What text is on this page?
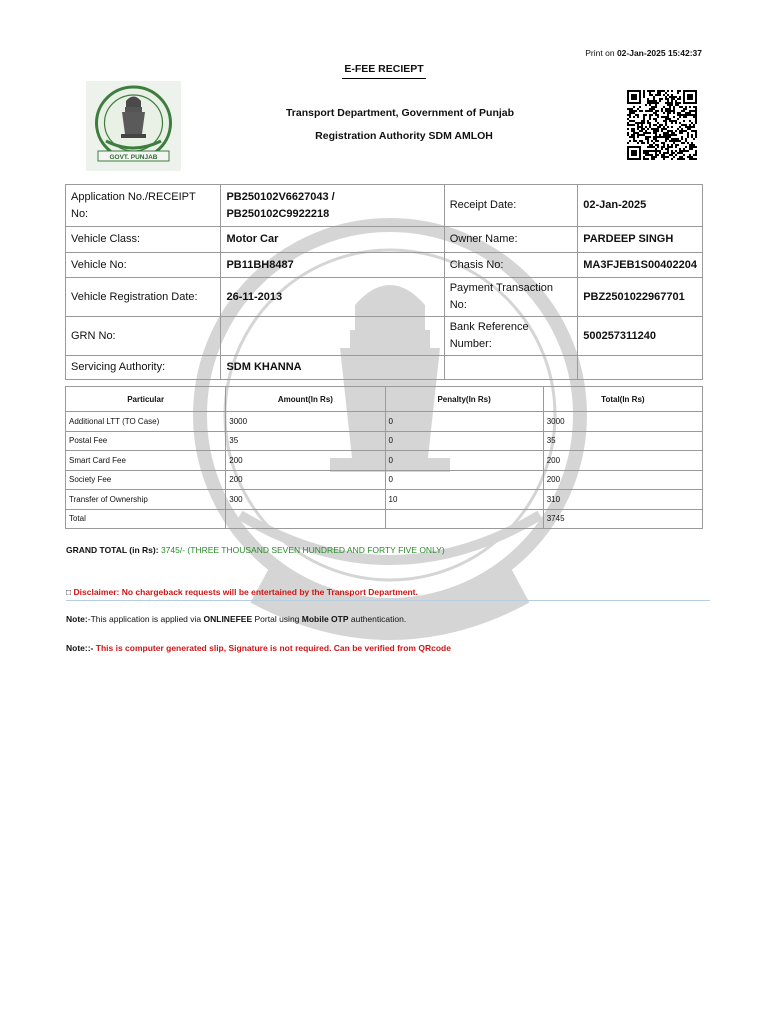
Print on 02-Jan-2025 15:42:37
E-FEE RECIEPT
GOVT. PUNJAB
Transport Department, Government of Punjab
Registration Authority SDM AMLOH
Application No./RECEIPT No:	PB250102V6627043 /
PB250102C9922218	Receipt Date:	02-Jan-2025
Vehicle Class:	Motor Car	Owner Name:	PARDEEP SINGH
Vehicle No:	PB11BH8487	Chasis No:	MA3FJEB1S00402204
Vehicle Registration Date:	26-11-2013	Payment Transaction No:	PBZ2501022967701
GRN No:		Bank Reference Number:	500257311240
Servicing Authority:	SDM KHANNA		
Particular	Amount(In Rs)	Penalty(In Rs)	Total(In Rs)
Additional LTT (TO Case)	3000	0	3000
Postal Fee	35	0	35
Smart Card Fee	200	0	200
Society Fee	200	0	200
Transfer of Ownership	300	10	310
Total			3745
GRAND TOTAL (in Rs): 3745/- (THREE THOUSAND SEVEN HUNDRED AND FORTY FIVE ONLY)
□ Disclaimer: No chargeback requests will be entertained by the Transport Department.
Note:-This application is applied via ONLINEFEE Portal using Mobile OTP authentication.
Note::- This is computer generated slip, Signature is not required. Can be verified from QRcode
